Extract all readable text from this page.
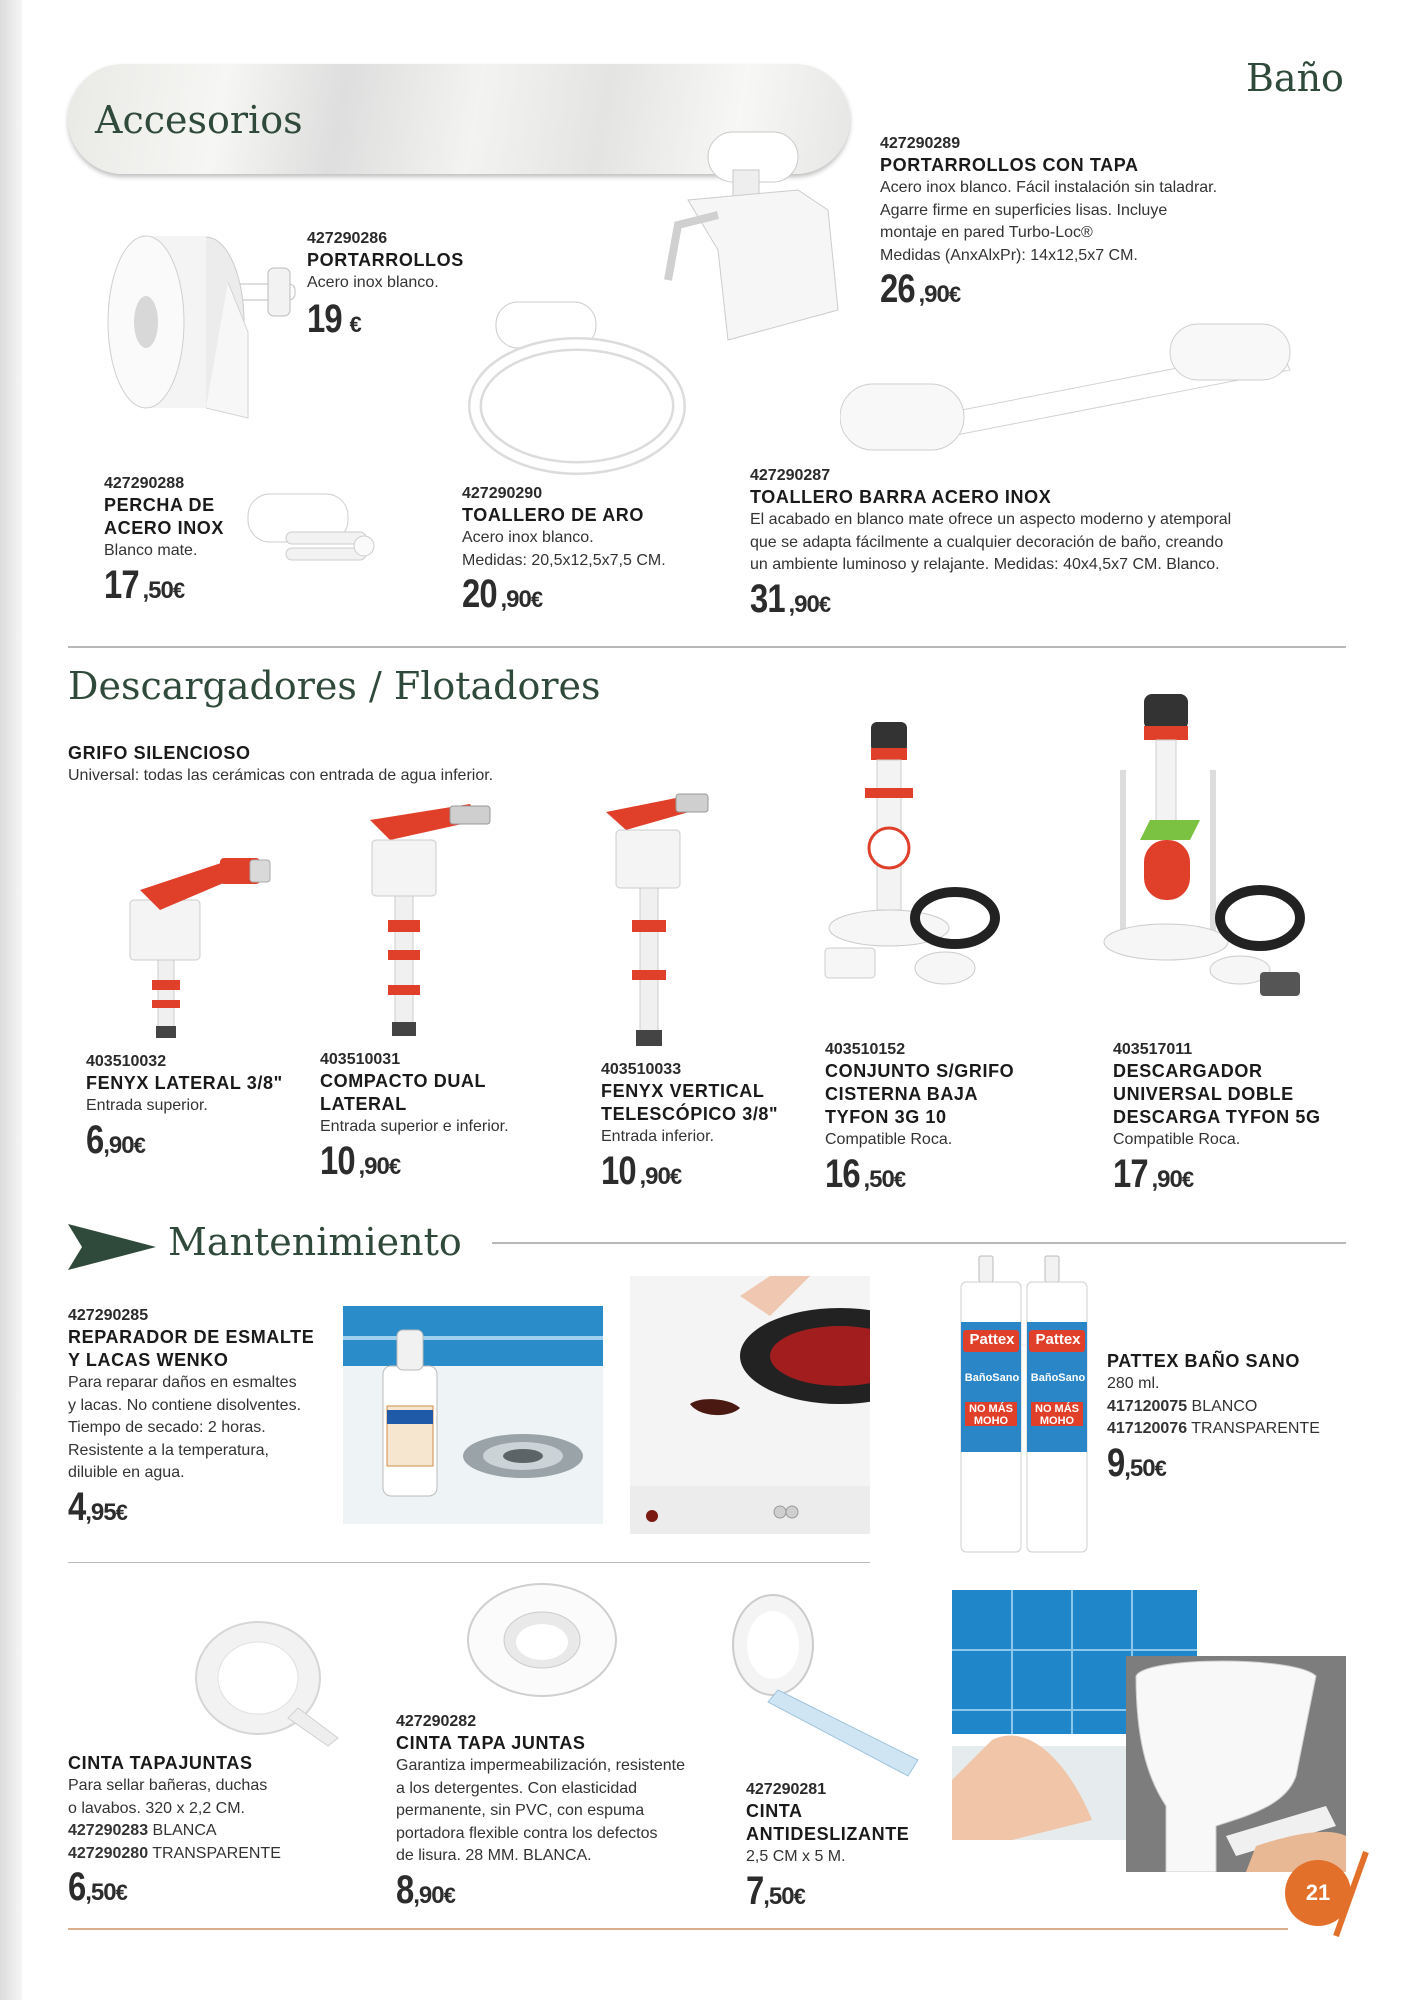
Baño
Accesorios
427290286
PORTARROLLOS
Acero inox blanco.
19 €
427290289
PORTARROLLOS CON TAPA
Acero inox blanco. Fácil instalación sin taladrar.
Agarre firme en superficies lisas. Incluye
montaje en pared Turbo-Loc®
Medidas (AnxAlxPr): 14x12,5x7 CM.
26 ,90€
427290290
TOALLERO DE ARO
Acero inox blanco.
Medidas: 20,5x12,5x7,5 CM.
20 ,90€
427290287
TOALLERO BARRA ACERO INOX
El acabado en blanco mate ofrece un aspecto moderno y atemporal
que se adapta fácilmente a cualquier decoración de baño, creando
un ambiente luminoso y relajante. Medidas: 40x4,5x7 CM. Blanco.
31 ,90€
427290288
PERCHA DE
ACERO INOX
Blanco mate.
17 ,50€
Descargadores / Flotadores
GRIFO SILENCIOSO
Universal: todas las cerámicas con entrada de agua inferior.
403510032
FENYX LATERAL 3/8"
Entrada superior.
6,90€
403510031
COMPACTO DUAL
LATERAL
Entrada superior e inferior.
10 ,90€
403510033
FENYX VERTICAL
TELESCÓPICO 3/8"
Entrada inferior.
10 ,90€
403510152
CONJUNTO S/GRIFO
CISTERNA BAJA
TYFON 3G 10
Compatible Roca.
16 ,50€
403517011
DESCARGADOR
UNIVERSAL DOBLE
DESCARGA TYFON 5G
Compatible Roca.
17 ,90€
Mantenimiento
427290285
REPARADOR DE ESMALTE
Y LACAS WENKO
Para reparar daños en esmaltes
y lacas. No contiene disolventes.
Tiempo de secado: 2 horas.
Resistente a la temperatura,
diluible en agua.
4,95€
Pattex Pattex
BañoSano BañoSano
NO MÁS
MOHO
NO MÁS
MOHO
PATTEX BAÑO SANO
280 ml.
417120075 BLANCO
417120076 TRANSPARENTE
9,50€
CINTA TAPAJUNTAS
Para sellar bañeras, duchas
o lavabos. 320 x 2,2 CM.
427290283 BLANCA
427290280 TRANSPARENTE
6,50€
427290282
CINTA TAPA JUNTAS
Garantiza impermeabilización, resistente
a los detergentes. Con elasticidad
permanente, sin PVC, con espuma
portadora flexible contra los defectos
de lisura. 28 MM. BLANCA.
8,90€
427290281
CINTA
ANTIDESLIZANTE
2,5 CM x 5 M.
7,50€	21
